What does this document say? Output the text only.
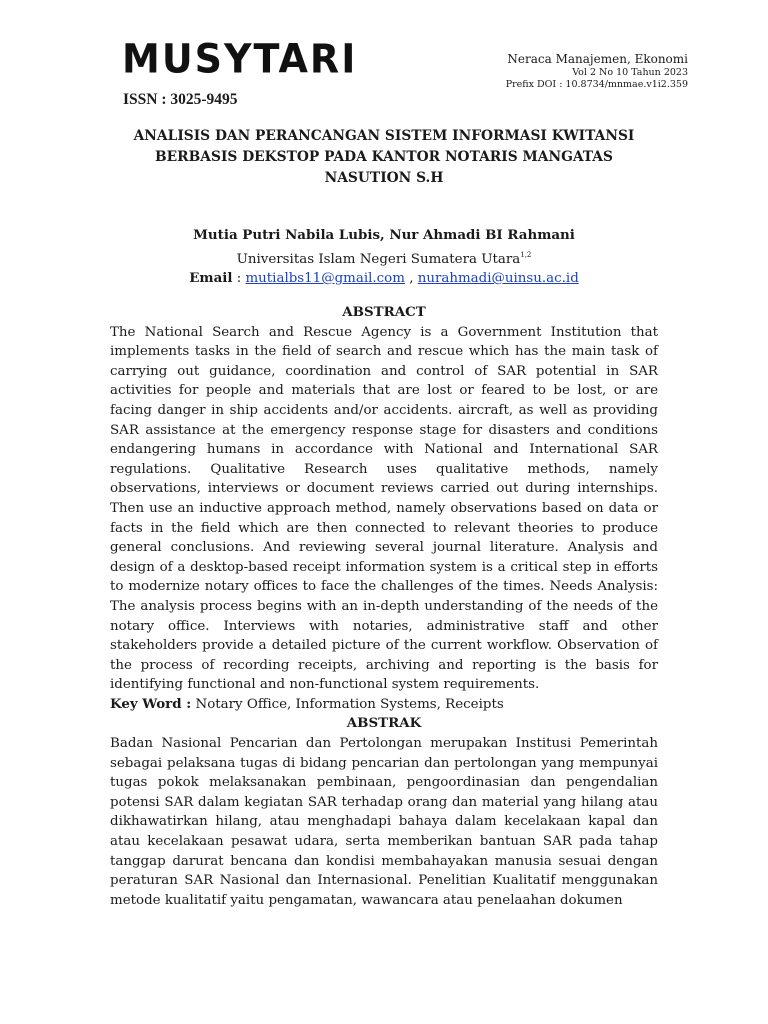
MUSYTARI
ISSN : 3025-9495
Neraca Manajemen, Ekonomi
Vol 2 No 10 Tahun 2023
Prefix DOI : 10.8734/mnmae.v1i2.359
ANALISIS DAN PERANCANGAN SISTEM INFORMASI KWITANSI BERBASIS DEKSTOP PADA KANTOR NOTARIS MANGATAS NASUTION S.H
Mutia Putri Nabila Lubis, Nur Ahmadi BI Rahmani
Universitas Islam Negeri Sumatera Utara$^{1,2}$
Email : mutialbs11@gmail.com , nurahmadi@uinsu.ac.id
ABSTRACT
The National Search and Rescue Agency is a Government Institution that implements tasks in the field of search and rescue which has the main task of carrying out guidance, coordination and control of SAR potential in SAR activities for people and materials that are lost or feared to be lost, or are facing danger in ship accidents and/or accidents. aircraft, as well as providing SAR assistance at the emergency response stage for disasters and conditions endangering humans in accordance with National and International SAR regulations. Qualitative Research uses qualitative methods, namely observations, interviews or document reviews carried out during internships. Then use an inductive approach method, namely observations based on data or facts in the field which are then connected to relevant theories to produce general conclusions. And reviewing several journal literature. Analysis and design of a desktop-based receipt information system is a critical step in efforts to modernize notary offices to face the challenges of the times. Needs Analysis: The analysis process begins with an in-depth understanding of the needs of the notary office. Interviews with notaries, administrative staff and other stakeholders provide a detailed picture of the current workflow. Observation of the process of recording receipts, archiving and reporting is the basis for identifying functional and non-functional system requirements.
Key Word : Notary Office, Information Systems, Receipts
ABSTRAK
Badan Nasional Pencarian dan Pertolongan merupakan Institusi Pemerintah sebagai pelaksana tugas di bidang pencarian dan pertolongan yang mempunyai tugas pokok melaksanakan pembinaan, pengoordinasian dan pengendalian potensi SAR dalam kegiatan SAR terhadap orang dan material yang hilang atau dikhawatirkan hilang, atau menghadapi bahaya dalam kecelakaan kapal dan atau kecelakaan pesawat udara, serta memberikan bantuan SAR pada tahap tanggap darurat bencana dan kondisi membahayakan manusia sesuai dengan peraturan SAR Nasional dan Internasional. Penelitian Kualitatif menggunakan metode kualitatif yaitu pengamatan, wawancara atau penelaahan dokumen
